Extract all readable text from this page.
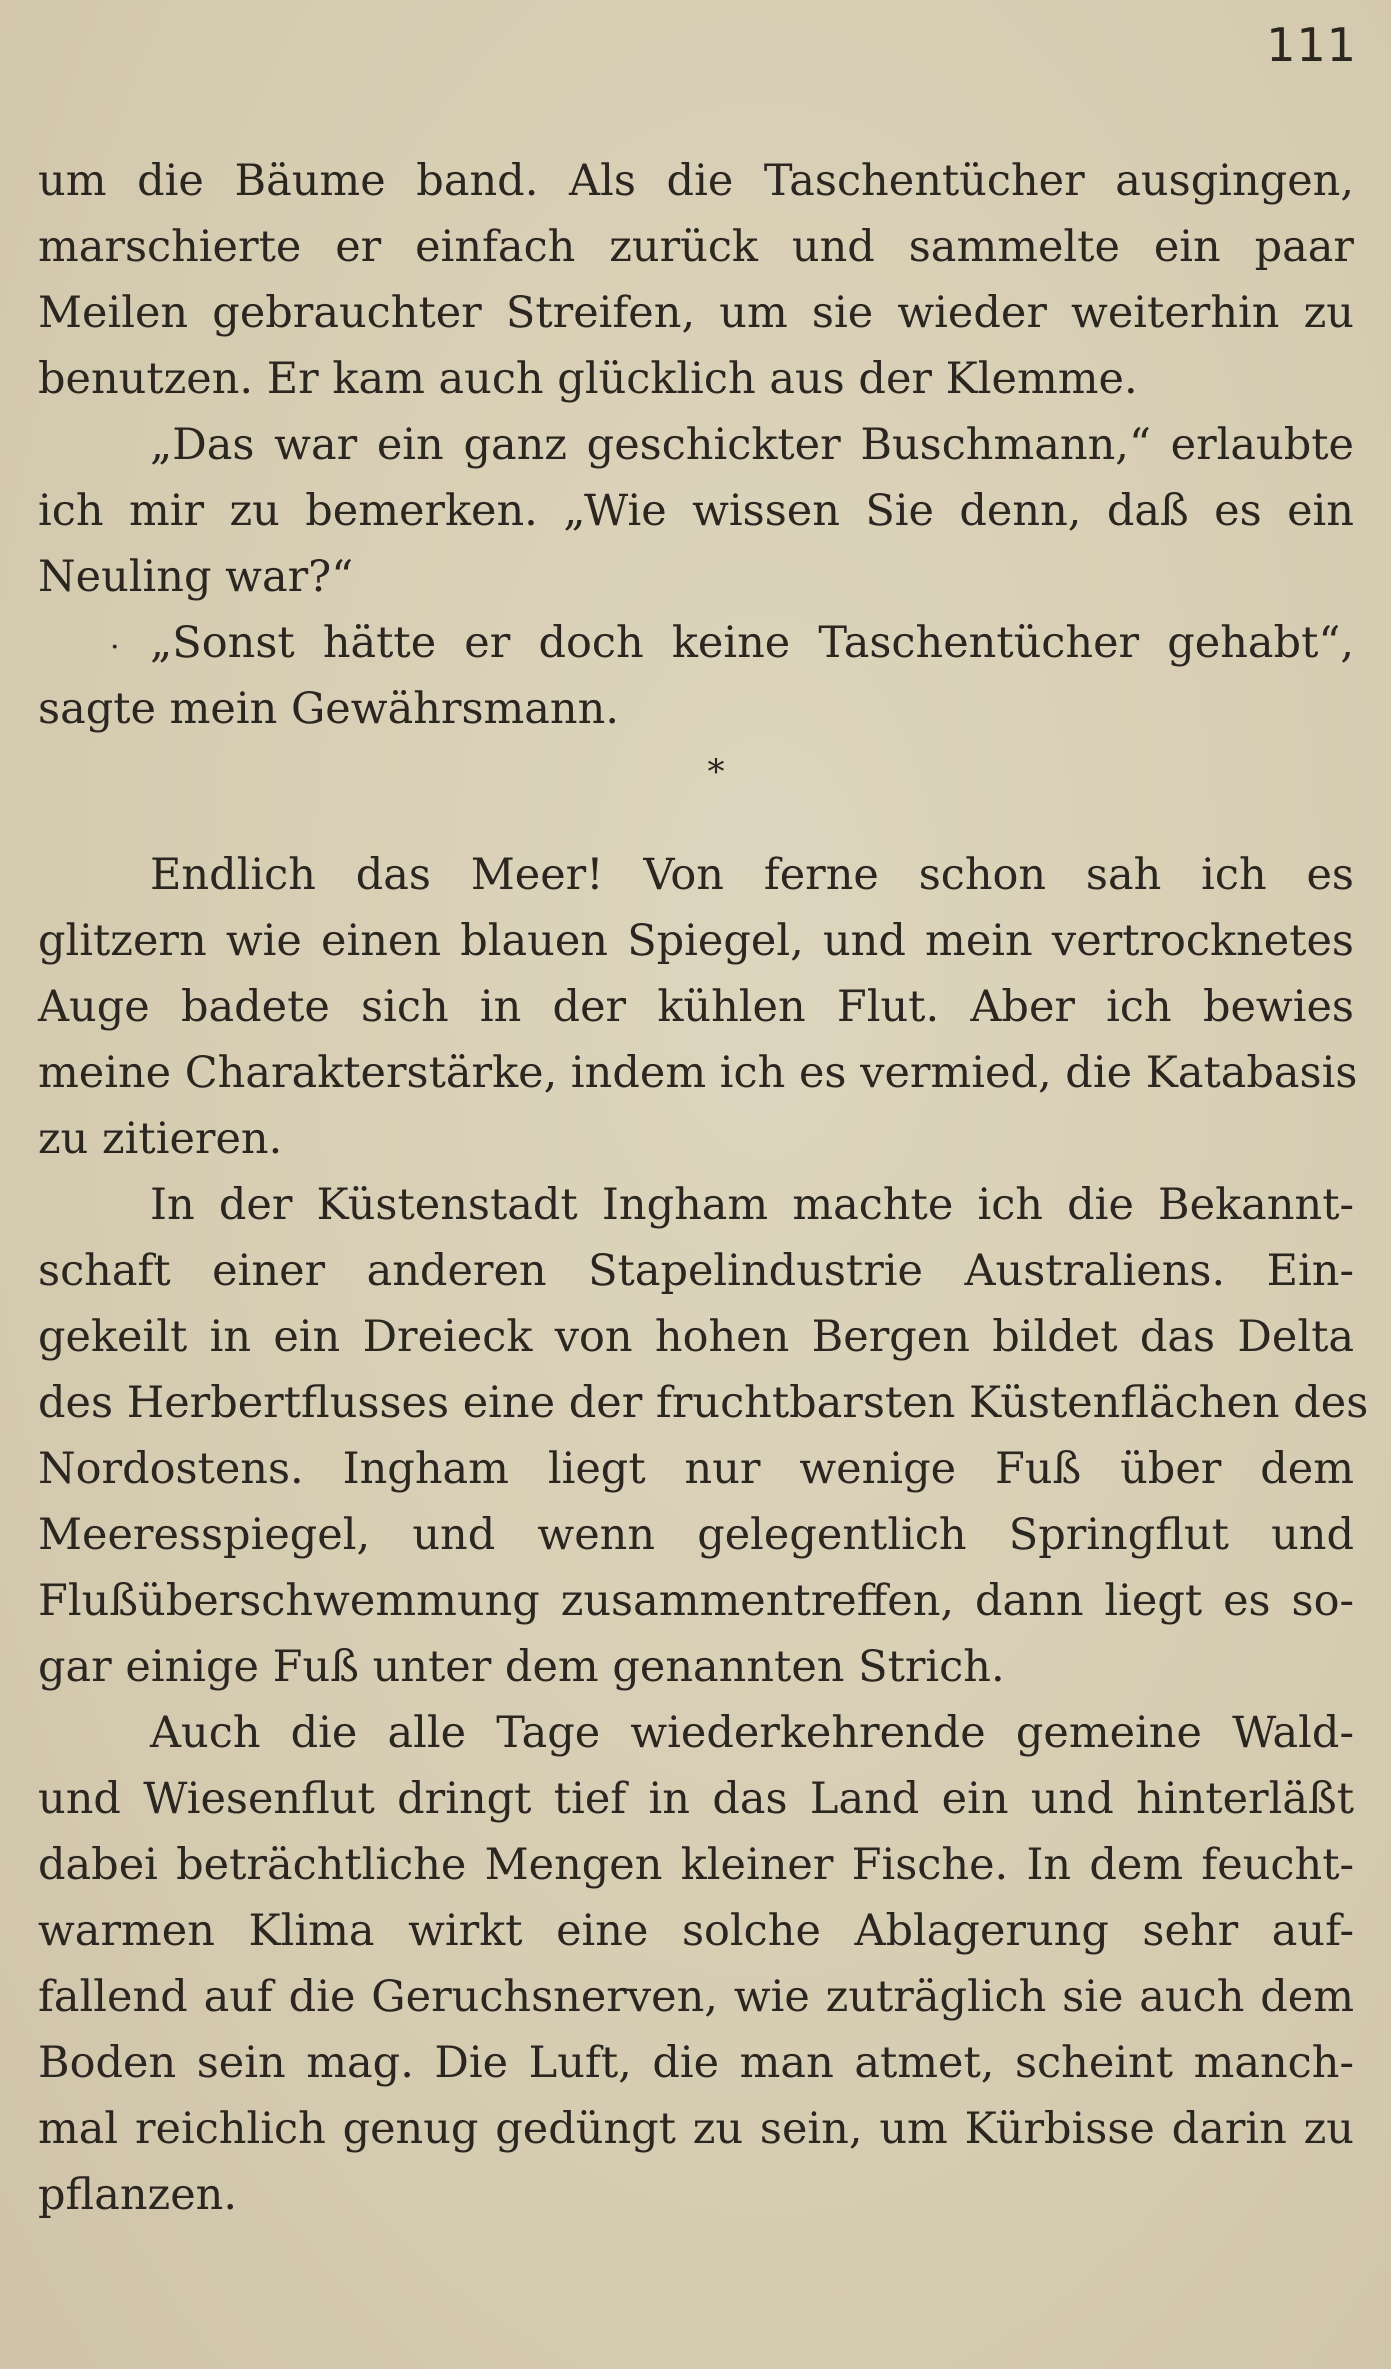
111
um die Bäume band. Als die Taschentücher ausgingen,
marschierte er einfach zurück und sammelte ein paar
Meilen gebrauchter Streifen, um sie wieder weiterhin zu
benutzen. Er kam auch glücklich aus der Klemme.
„Das war ein ganz geschickter Buschmann,“ erlaubte
ich mir zu bemerken. „Wie wissen Sie denn, daß es ein
Neuling war?“
· „Sonst hätte er doch keine Taschentücher gehabt“,
sagte mein Gewährsmann.
*
Endlich das Meer! Von ferne schon sah ich es
glitzern wie einen blauen Spiegel, und mein vertrocknetes
Auge badete sich in der kühlen Flut. Aber ich bewies
meine Charakterstärke, indem ich es vermied, die Katabasis
zu zitieren.
In der Küstenstadt Ingham machte ich die Bekannt-
schaft einer anderen Stapelindustrie Australiens. Ein-
gekeilt in ein Dreieck von hohen Bergen bildet das Delta
des Herbertflusses eine der fruchtbarsten Küstenflächen des
Nordostens. Ingham liegt nur wenige Fuß über dem
Meeresspiegel, und wenn gelegentlich Springflut und
Flußüberschwemmung zusammentreffen, dann liegt es so-
gar einige Fuß unter dem genannten Strich.
Auch die alle Tage wiederkehrende gemeine Wald-
und Wiesenflut dringt tief in das Land ein und hinterläßt
dabei beträchtliche Mengen kleiner Fische. In dem feucht-
warmen Klima wirkt eine solche Ablagerung sehr auf-
fallend auf die Geruchsnerven, wie zuträglich sie auch dem
Boden sein mag. Die Luft, die man atmet, scheint manch-
mal reichlich genug gedüngt zu sein, um Kürbisse darin zu
pflanzen.
